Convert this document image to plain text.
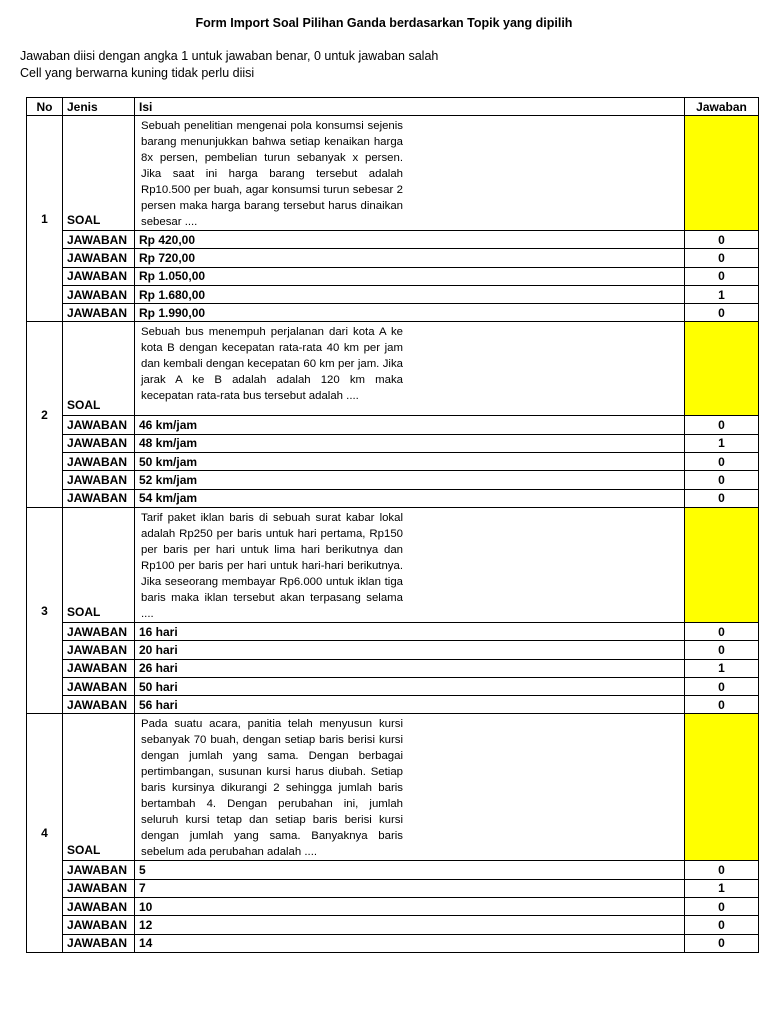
Form Import Soal Pilihan Ganda berdasarkan Topik yang dipilih
Jawaban diisi dengan angka 1 untuk jawaban benar, 0 untuk jawaban salah
Cell yang berwarna kuning tidak perlu diisi
No	Jenis	Isi	Jawaban
1	SOAL	Sebuah penelitian mengenai pola konsumsi sejenis barang menunjukkan bahwa setiap kenaikan harga 8x persen, pembelian turun sebanyak x persen. Jika saat ini harga barang tersebut adalah Rp10.500 per buah, agar konsumsi turun sebesar 2 persen maka harga barang tersebut harus dinaikan sebesar ....	

	JAWABAN	Rp 420,00	0
	JAWABAN	Rp 720,00	0
	JAWABAN	Rp 1.050,00	0
	JAWABAN	Rp 1.680,00	1
	JAWABAN	Rp 1.990,00	0
2	SOAL	Sebuah bus menempuh perjalanan dari kota A ke kota B dengan kecepatan rata-rata 40 km per jam dan kembali dengan kecepatan 60 km per jam. Jika jarak A ke B adalah adalah 120 km maka kecepatan rata-rata bus tersebut adalah ....	

	JAWABAN	46 km/jam	0
	JAWABAN	48 km/jam	1
	JAWABAN	50 km/jam	0
	JAWABAN	52 km/jam	0
	JAWABAN	54 km/jam	0
3	SOAL	Tarif paket iklan baris di sebuah surat kabar lokal adalah Rp250 per baris untuk hari pertama, Rp150 per baris per hari untuk lima hari berikutnya dan Rp100 per baris per hari untuk hari-hari berikutnya. Jika seseorang membayar Rp6.000 untuk iklan tiga baris maka iklan tersebut akan terpasang selama ....	

	JAWABAN	16 hari	0
	JAWABAN	20 hari	0
	JAWABAN	26 hari	1
	JAWABAN	50 hari	0
	JAWABAN	56 hari	0
4	SOAL	Pada suatu acara, panitia telah menyusun kursi sebanyak 70 buah, dengan setiap baris berisi kursi dengan jumlah yang sama. Dengan berbagai pertimbangan, susunan kursi harus diubah. Setiap baris kursinya dikurangi 2 sehingga jumlah baris bertambah 4. Dengan perubahan ini, jumlah seluruh kursi tetap dan setiap baris berisi kursi dengan jumlah yang sama. Banyaknya baris sebelum ada perubahan adalah ....	

	JAWABAN	5	0
	JAWABAN	7	1
	JAWABAN	10	0
	JAWABAN	12	0
	JAWABAN	14	0
